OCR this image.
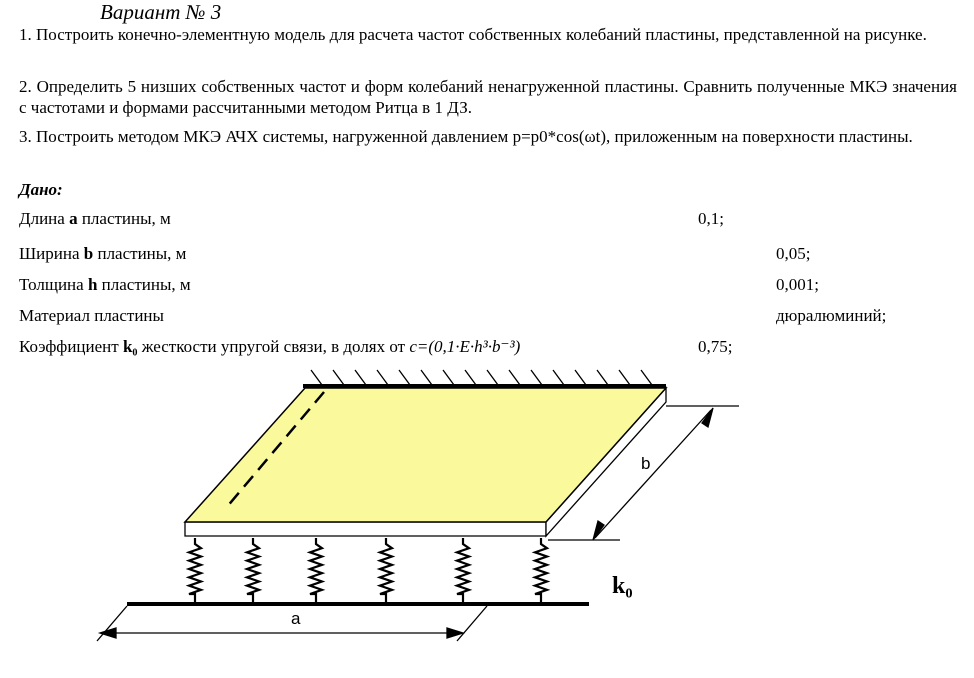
Вариант № 3
1. Построить конечно-элементную модель для расчета частот собственных колебаний пластины, представленной на рисунке.
2. Определить 5 низших собственных частот и форм колебаний ненагруженной пластины. Сравнить полученные МКЭ значения с частотами и формами рассчитанными методом Ритца в 1 ДЗ.
3. Построить методом МКЭ АЧХ системы, нагруженной давлением p=p0*cos(ωt), приложенным на поверхности пластины.
Дано:
Длина a пластины, м	0,1;
Ширина b пластины, м	0,05;
Толщина h пластины, м	0,001;
Материал пластины	дюралюминий;
Коэффициент k₀ жесткости упругой связи, в долях от c=(0,1·E·h³·b⁻³)	0,75;
a
b
k₀
